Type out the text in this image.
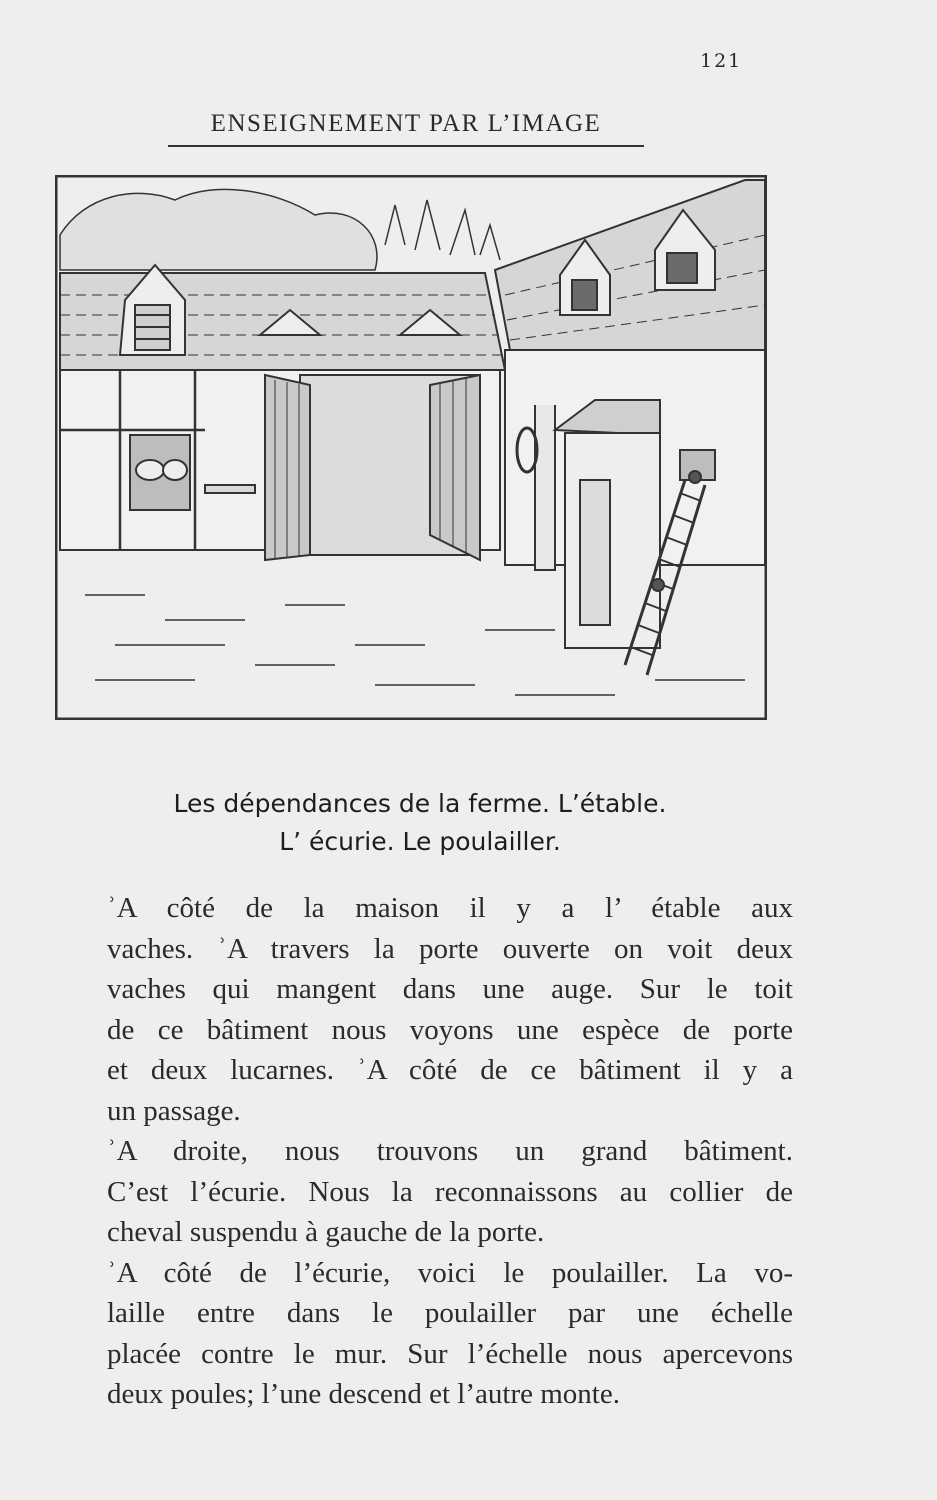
121
ENSEIGNEMENT PAR L’IMAGE
Les dépendances de la ferme. L’étable.
L’ écurie. Le poulailler.

ʾA côté de la maison il y a l’ étable aux
vaches. ʾA travers la porte ouverte on voit deux
vaches qui mangent dans une auge. Sur le toit
de ce bâtiment nous voyons une espèce de porte
et deux lucarnes. ʾA côté de ce bâtiment il y a
un passage.

ʾA droite, nous trouvons un grand bâtiment.
C’est l’écurie. Nous la reconnaissons au collier de
cheval suspendu à gauche de la porte.

ʾA côté de l’écurie, voici le poulailler. La vo-
laille entre dans le poulailler par une échelle
placée contre le mur. Sur l’échelle nous apercevons
deux poules; l’une descend et l’autre monte.
